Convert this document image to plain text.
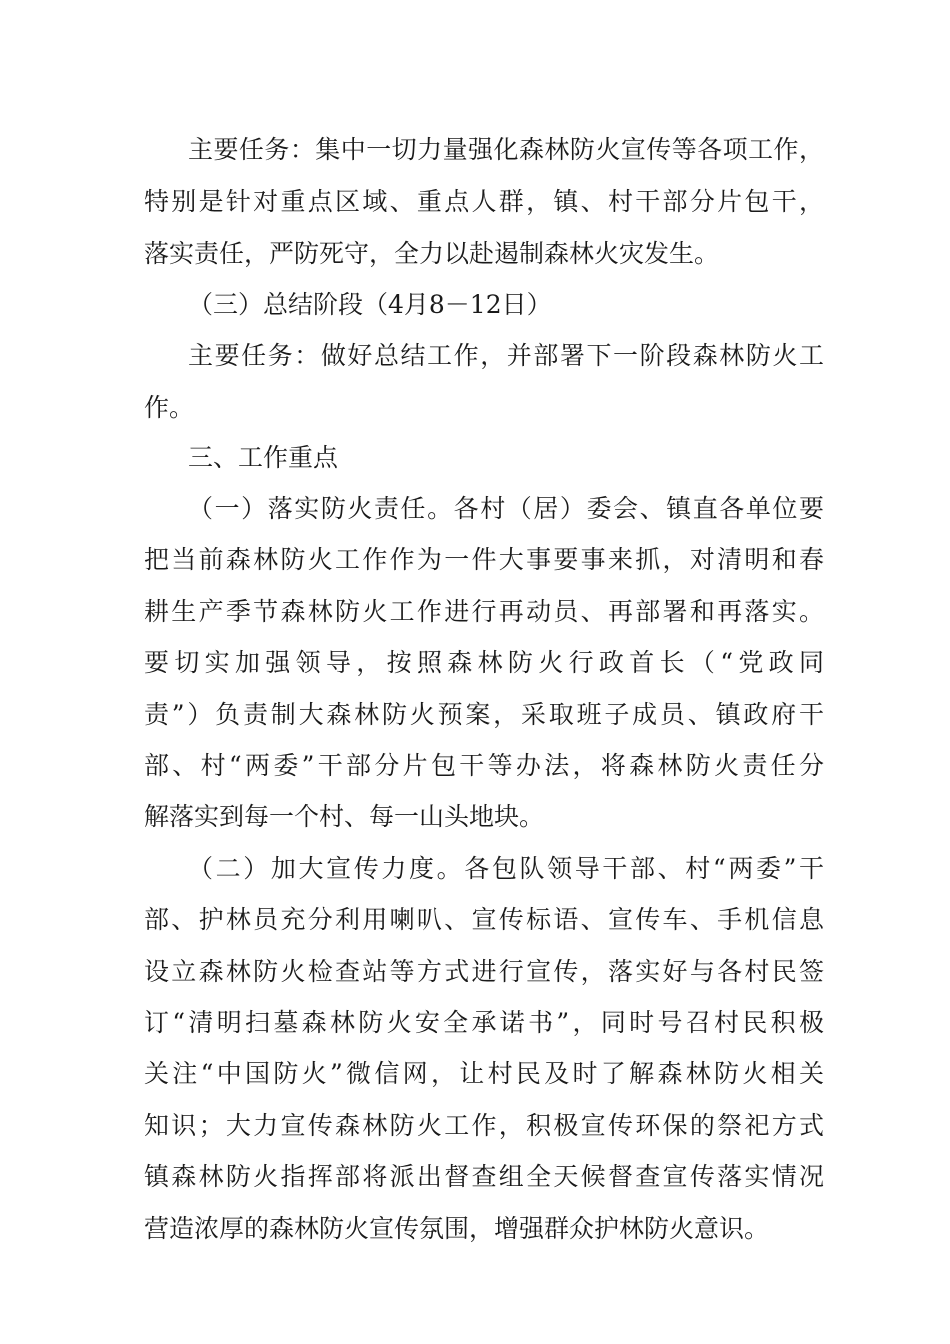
主要任务：集中一切力量强化森林防火宣传等各项工作，
特别是针对重点区域、重点人群，镇、村干部分片包干，
落实责任，严防死守，全力以赴遏制森林火灾发生。
（三）总结阶段（4月8－12日）
主要任务：做好总结工作，并部署下一阶段森林防火工
作。
三、工作重点
（一）落实防火责任。各村（居）委会、镇直各单位要
把当前森林防火工作作为一件大事要事来抓，对清明和春
耕生产季节森林防火工作进行再动员、再部署和再落实。
要切实加强领导，按照森林防火行政首长（“党政同
责”）负责制大森林防火预案，采取班子成员、镇政府干
部、村“两委”干部分片包干等办法，将森林防火责任分
解落实到每一个村、每一山头地块。
（二）加大宣传力度。各包队领导干部、村“两委”干
部、护林员充分利用喇叭、宣传标语、宣传车、手机信息
设立森林防火检查站等方式进行宣传，落实好与各村民签
订“清明扫墓森林防火安全承诺书”，同时号召村民积极
关注“中国防火”微信网，让村民及时了解森林防火相关
知识；大力宣传森林防火工作，积极宣传环保的祭祀方式
镇森林防火指挥部将派出督查组全天候督查宣传落实情况
营造浓厚的森林防火宣传氛围，增强群众护林防火意识。
